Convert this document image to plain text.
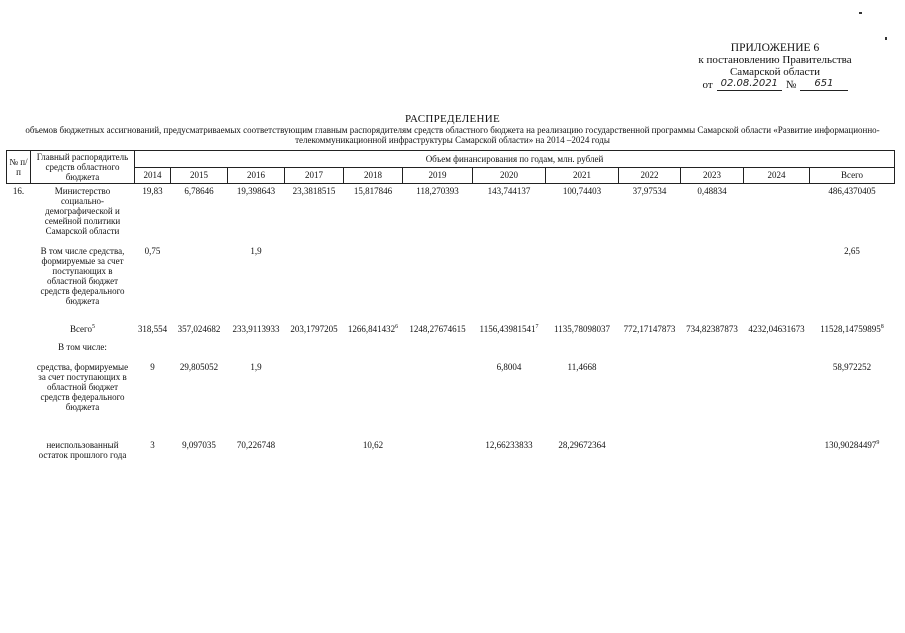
ПРИЛОЖЕНИЕ 6
к постановлению Правительства
Самарской области
от 02.08.2021 №	651
РАСПРЕДЕЛЕНИЕ
объемов бюджетных ассигнований, предусматриваемых соответствующим главным распорядителям средств областного бюджета на реализацию государственной программы Самарской области «Развитие информационно-телекоммуникационной инфраструктуры Самарской области» на 2014 –2024 годы
№ п/п	Главный распорядитель средств областного бюджета	Объем финансирования по годам, млн. рублей											
		2014	2015	2016	2017	2018	2019	2020	2021	2022	2023	2024	Всего
16.	Министерство социально-демографической и семейной политики Самарской области	19,83	6,78646	19,398643	23,3818515	15,817846	118,270393	143,744137	100,74403	37,97534	0,48834		486,4370405
	В том числе средства, формируемые за счет поступающих в областной бюджет средств федерального бюджета	0,75		1,9									2,65
	Всего$^5$	318,554	357,024682	233,9113933	203,1797205	1266,841432$^6$	1248,27674615	1156,43981541$^7$	1135,78098037	772,17147873	734,82387873	4232,04631673	11528,14759895$^8$
	В том числе:												
	средства, формируемые за счет поступающих в областной бюджет средств федерального бюджета	9	29,805052	1,9				6,8004	11,4668				58,972252
	неиспользованный остаток прошлого года	3	9,097035	70,226748		10,62		12,66233833	28,29672364				130,90284497$^9$
